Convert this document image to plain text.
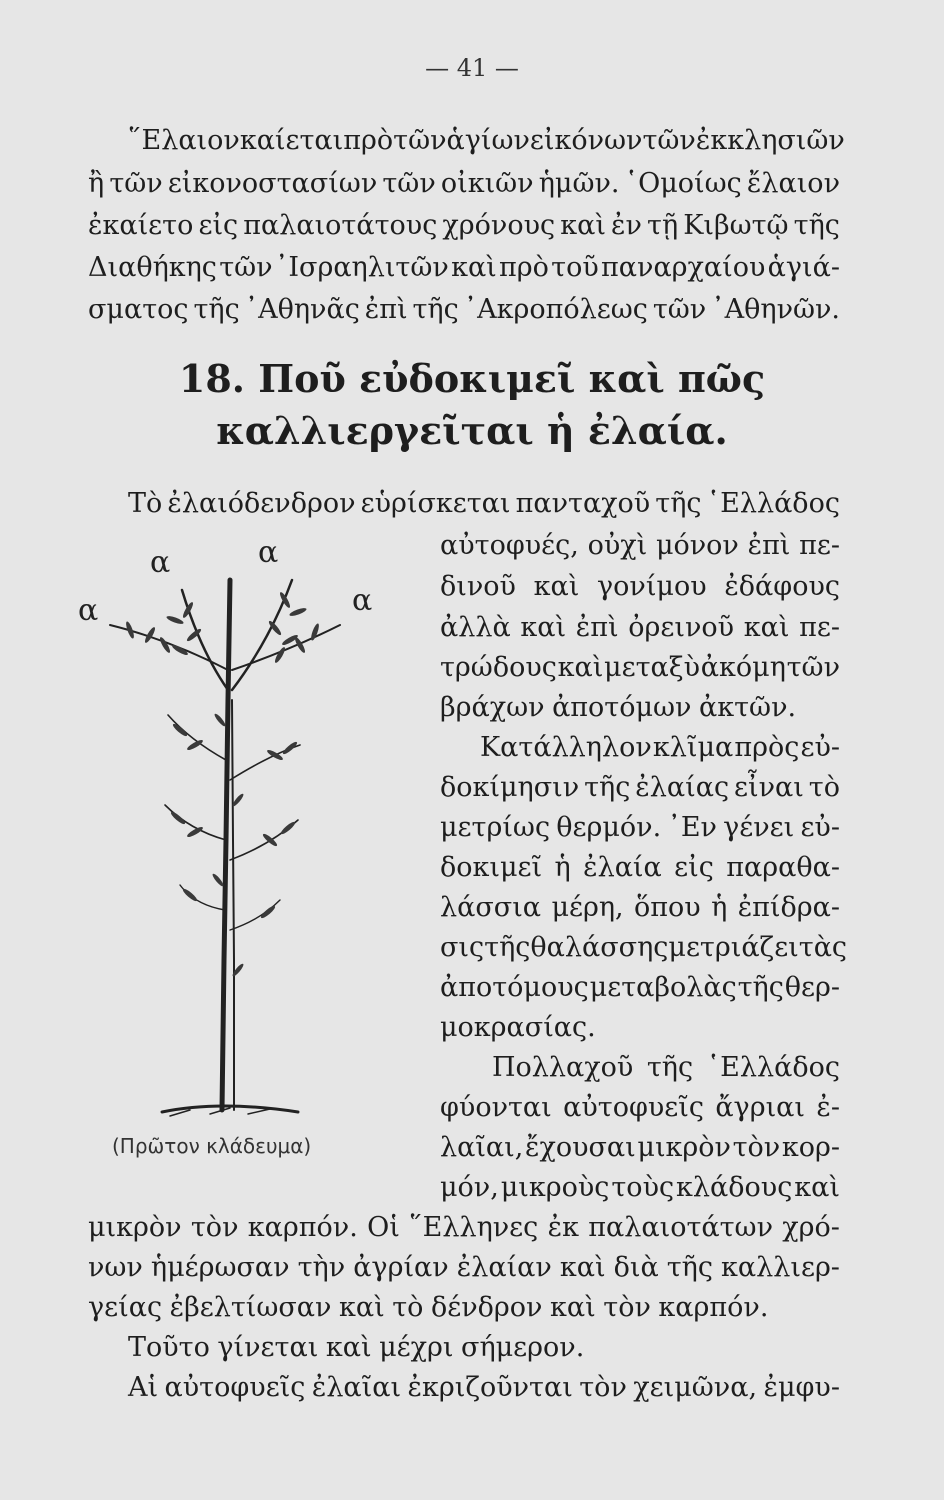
— 41 —
῞Ελαιον καίεται πρὸ τῶν ἁγίων εἰκόνων τῶν ἐκκλησιῶν
ἢ τῶν εἰκονοστασίων τῶν οἰκιῶν ἡμῶν. ῾Ομοίως ἔλαιον
ἐκαίετο εἰς παλαιοτάτους χρόνους καὶ ἐν τῇ Κιβωτῷ τῆς
Διαθήκης τῶν ᾿Ισραηλιτῶν καὶ πρὸ τοῦ παναρχαίου ἁγιά-
σματος τῆς ᾿Αθηνᾶς ἐπὶ τῆς ᾿Ακροπόλεως τῶν ᾿Αθηνῶν.
18. Ποῦ εὐδοκιμεῖ καὶ πῶς
καλλιεργεῖται ἡ ἐλαία.
Τὸ ἐλαιόδενδρον εὑρίσκεται πανταχοῦ τῆς ῾Ελλάδος
αὐτοφυές, οὐχὶ μόνον ἐπὶ πε-
δινοῦ καὶ γονίμου ἐδάφους
ἀλλὰ καὶ ἐπὶ ὀρεινοῦ καὶ πε-
τρώδους καὶ μεταξὺ ἀκόμη τῶν
βράχων ἀποτόμων ἀκτῶν.
Κατάλληλον κλῖμα πρὸς εὐ-
δοκίμησιν τῆς ἐλαίας εἶναι τὸ
μετρίως θερμόν. ᾿Εν γένει εὐ-
δοκιμεῖ ἡ ἐλαία εἰς παραθα-
λάσσια μέρη, ὅπου ἡ ἐπίδρα-
σις τῆς θαλάσσης μετριάζει τὰς
ἀποτόμους μεταβολὰς τῆς θερ-
μοκρασίας.
Πολλαχοῦ τῆς ῾Ελλάδος
φύονται αὐτοφυεῖς ἄγριαι ἐ-
λαῖαι, ἔχουσαι μικρὸν τὸν κορ-
μόν, μικροὺς τοὺς κλάδους καὶ
μικρὸν τὸν καρπόν. Οἱ ῞Ελληνες ἐκ παλαιοτάτων χρό-
νων ἡμέρωσαν τὴν ἀγρίαν ἐλαίαν καὶ διὰ τῆς καλλιερ-
γείας ἐβελτίωσαν καὶ τὸ δένδρον καὶ τὸν καρπόν.
Τοῦτο γίνεται καὶ μέχρι σήμερον.
Αἱ αὐτοφυεῖς ἐλαῖαι ἐκριζοῦνται τὸν χειμῶνα, ἐμφυ-
α	α
α	α
(Πρῶτον κλάδευμα)
